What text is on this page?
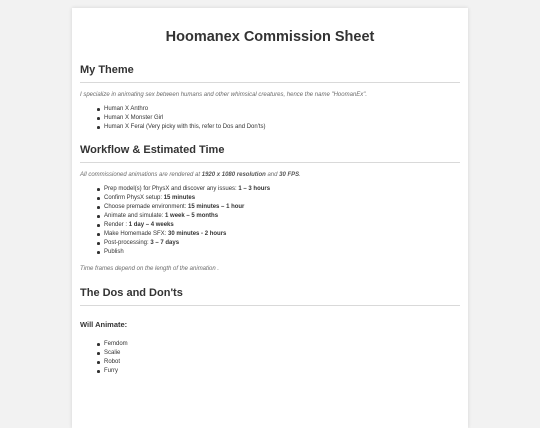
Hoomanex Commission Sheet
My Theme

I specialize in animating sex between humans and other whimsical creatures, hence the name "HoomanEx".

Human X Anthro
Human X Monster Girl
Human X Feral (Very picky with this, refer to Dos and Don'ts)
Workflow & Estimated Time

All commissioned animations are rendered at 1920 x 1080 resolution and 30 FPS.

Prep model(s) for PhysX and discover any issues: 1 – 3 hours
Confirm PhysX setup: 15 minutes
Choose premade environment: 15 minutes – 1 hour
Animate and simulate: 1 week – 5 months
Render : 1 day – 4 weeks
Make Homemade SFX: 30 minutes - 2 hours
Post-processing: 3 – 7 days
Publish

Time frames depend on the length of the animation .

The Dos and Don'ts
Will Animate:
Femdom
Scalie
Robot
Furry
